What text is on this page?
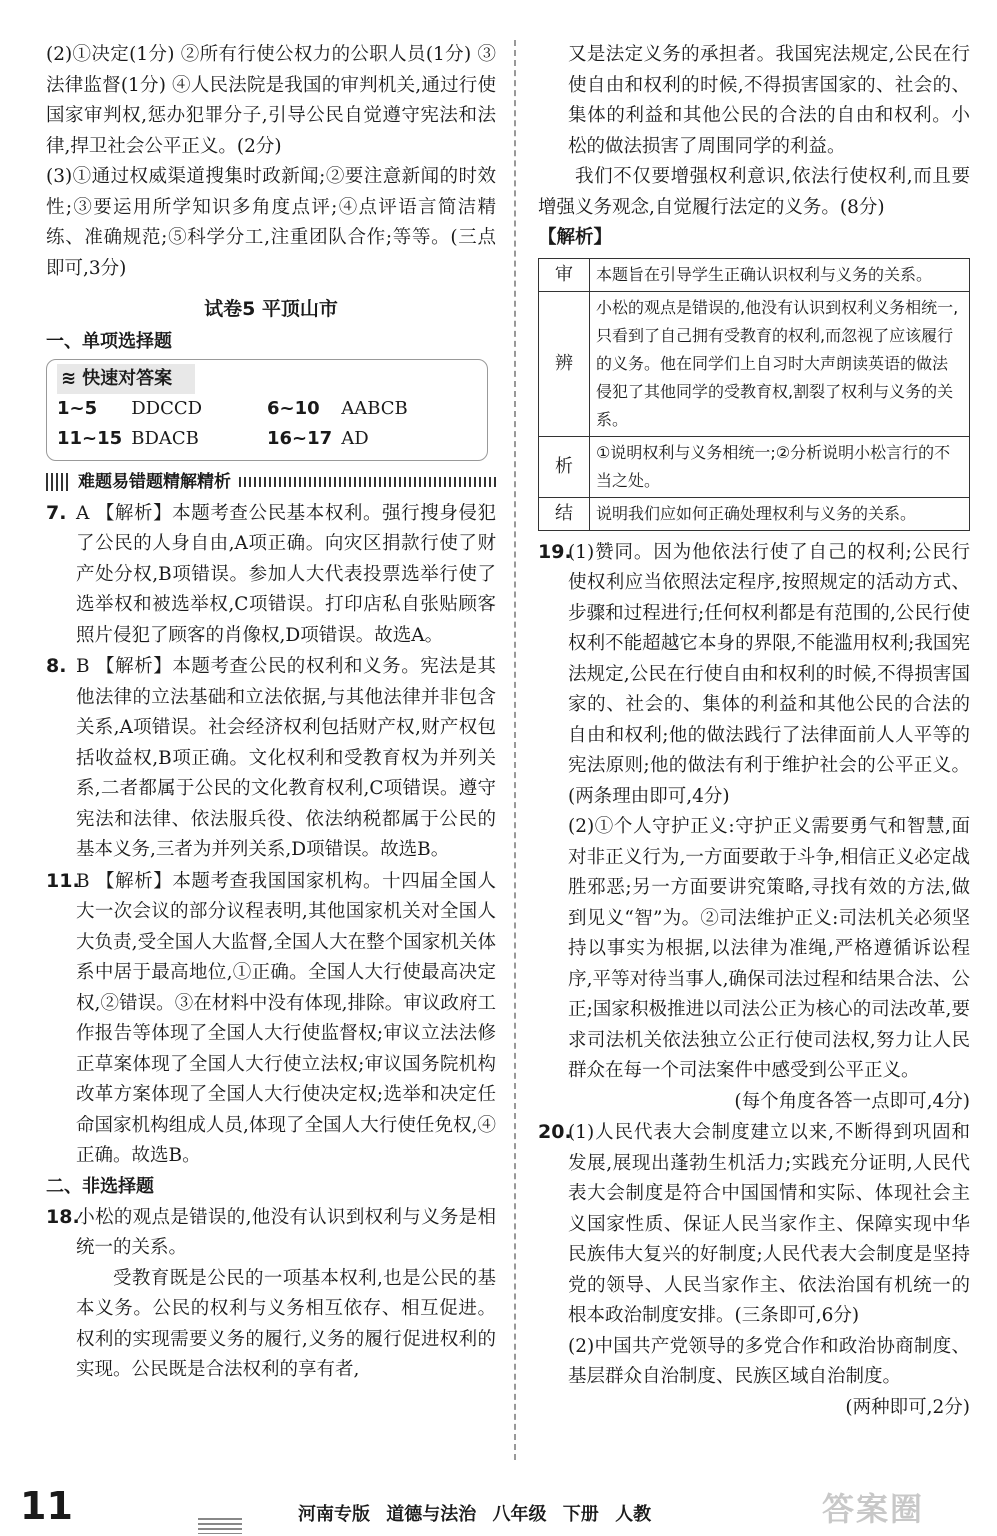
(2)①决定(1分) ②所有行使公权力的公职人员(1分) ③法律监督(1分) ④人民法院是我国的审判机关,通过行使国家审判权,惩办犯罪分子,引导公民自觉遵守宪法和法律,捍卫社会公平正义。(2分)

(3)①通过权威渠道搜集时政新闻;②要注意新闻的时效性;③要运用所学知识多角度点评;④点评语言简洁精练、准确规范;⑤科学分工,注重团队合作;等等。(三点即可,3分)

试卷5 平顶山市
一、单项选择题
≋ 快速对答案
1~5	DDCCD	6~10	AABCB
11~15 BDACB	16~17 AD
难题易错题精解精析

7. A 【解析】本题考查公民基本权利。强行搜身侵犯了公民的人身自由,A项正确。向灾区捐款行使了财产处分权,B项错误。参加人大代表投票选举行使了选举权和被选举权,C项错误。打印店私自张贴顾客照片侵犯了顾客的肖像权,D项错误。故选A。

8. B 【解析】本题考查公民的权利和义务。宪法是其他法律的立法基础和立法依据,与其他法律并非包含关系,A项错误。社会经济权利包括财产权,财产权包括收益权,B项正确。文化权利和受教育权为并列关系,二者都属于公民的文化教育权利,C项错误。遵守宪法和法律、依法服兵役、依法纳税都属于公民的基本义务,三者为并列关系,D项错误。故选B。

11.B 【解析】本题考查我国国家机构。十四届全国人大一次会议的部分议程表明,其他国家机关对全国人大负责,受全国人大监督,全国人大在整个国家机关体系中居于最高地位,①正确。全国人大行使最高决定权,②错误。③在材料中没有体现,排除。审议政府工作报告等体现了全国人大行使监督权;审议立法法修正草案体现了全国人大行使立法权;审议国务院机构改革方案体现了全国人大行使决定权;选举和决定任命国家机构组成人员,体现了全国人大行使任免权,④正确。故选B。

二、非选择题

18.小松的观点是错误的,他没有认识到权利与义务是相统一的关系。

受教育既是公民的一项基本权利,也是公民的基本义务。公民的权利与义务相互依存、相互促进。权利的实现需要义务的履行,义务的履行促进权利的实现。公民既是合法权利的享有者,

又是法定义务的承担者。我国宪法规定,公民在行使自由和权利的时候,不得损害国家的、社会的、集体的利益和其他公民的合法的自由和权利。小松的做法损害了周围同学的利益。

我们不仅要增强权利意识,依法行使权利,而且要增强义务观念,自觉履行法定的义务。(8分)

【解析】
审	本题旨在引导学生正确认识权利与义务的关系。
辨	小松的观点是错误的,他没有认识到权利义务相统一,只看到了自己拥有受教育的权利,而忽视了应该履行的义务。他在同学们上自习时大声朗读英语的做法侵犯了其他同学的受教育权,割裂了权利与义务的关系。
析	①说明权利与义务相统一;②分析说明小松言行的不当之处。
结	说明我们应如何正确处理权利与义务的关系。

19.(1)赞同。因为他依法行使了自己的权利;公民行使权利应当依照法定程序,按照规定的活动方式、步骤和过程进行;任何权利都是有范围的,公民行使权利不能超越它本身的界限,不能滥用权利;我国宪法规定,公民在行使自由和权利的时候,不得损害国家的、社会的、集体的利益和其他公民的合法的自由和权利;他的做法践行了法律面前人人平等的宪法原则;他的做法有利于维护社会的公平正义。(两条理由即可,4分)

(2)①个人守护正义:守护正义需要勇气和智慧,面对非正义行为,一方面要敢于斗争,相信正义必定战胜邪恶;另一方面要讲究策略,寻找有效的方法,做到见义“智”为。②司法维护正义:司法机关必须坚持以事实为根据,以法律为准绳,严格遵循诉讼程序,平等对待当事人,确保司法过程和结果合法、公正;国家积极推进以司法公正为核心的司法改革,要求司法机关依法独立公正行使司法权,努力让人民群众在每一个司法案件中感受到公平正义。

(每个角度各答一点即可,4分)

20.(1)人民代表大会制度建立以来,不断得到巩固和发展,展现出蓬勃生机活力;实践充分证明,人民代表大会制度是符合中国国情和实际、体现社会主义国家性质、保证人民当家作主、保障实现中华民族伟大复兴的好制度;人民代表大会制度是坚持党的领导、人民当家作主、依法治国有机统一的根本政治制度安排。(三条即可,6分)

(2)中国共产党领导的多党合作和政治协商制度、基层群众自治制度、民族区域自治制度。

(两种即可,2分)

11	河南专版 道德与法治 八年级 下册 人教	答案圈
